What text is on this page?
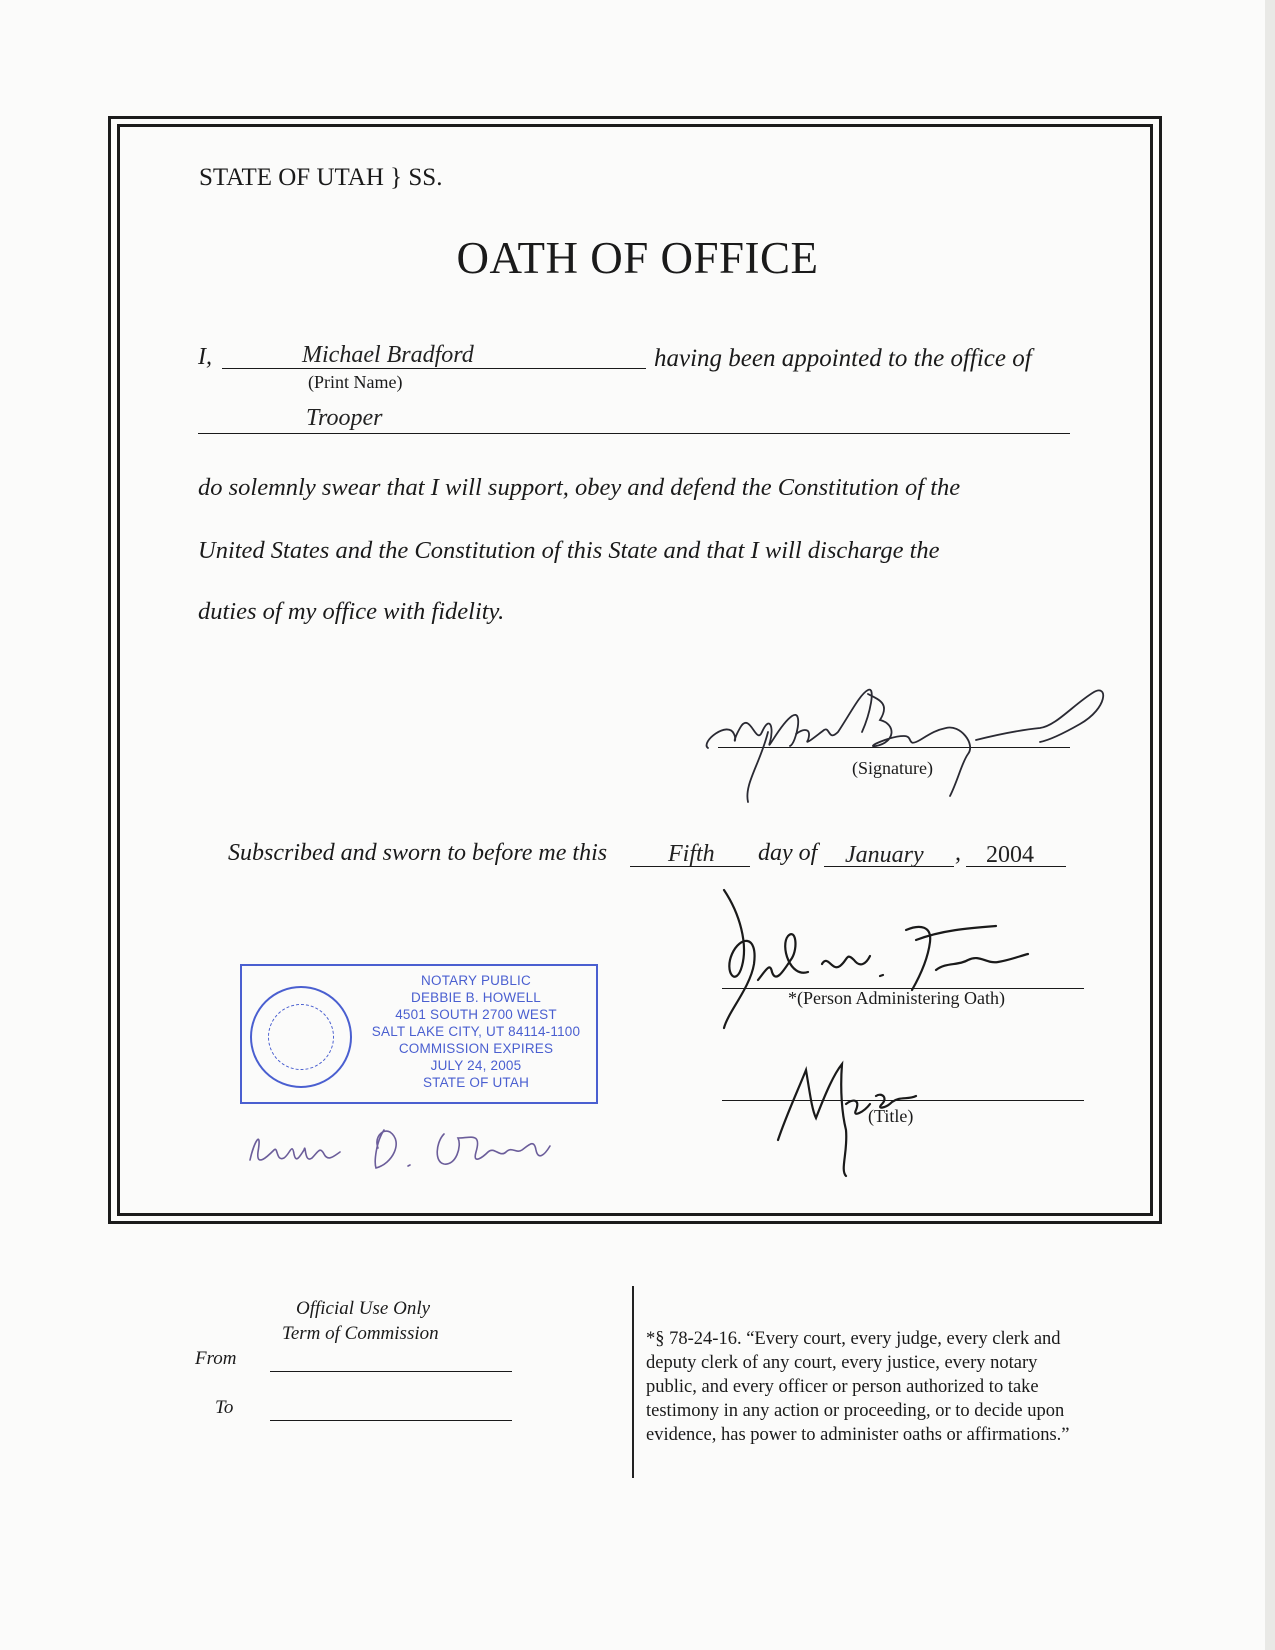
STATE OF UTAH } SS.
OATH OF OFFICE
I,	Michael Bradford
(Print Name)
having been appointed to the office of
Trooper
do solemnly swear that I will support, obey and defend the Constitution of the
United States and the Constitution of this State and that I will discharge the
duties of my office with fidelity.
(Signature)
Subscribed and sworn to before me this	Fifth day of January , 2004
NOTARY PUBLIC
DEBBIE B. HOWELL
4501 SOUTH 2700 WEST
SALT LAKE CITY, UT 84114-1100
COMMISSION EXPIRES
JULY 24, 2005
STATE OF UTAH
*(Person Administering Oath)
(Title)
Official Use Only
Term of Commission
From
To
*§ 78-24-16. “Every court, every judge, every clerk and
deputy clerk of any court, every justice, every notary
public, and every officer or person authorized to take
testimony in any action or proceeding, or to decide upon
evidence, has power to administer oaths or affirmations.”
